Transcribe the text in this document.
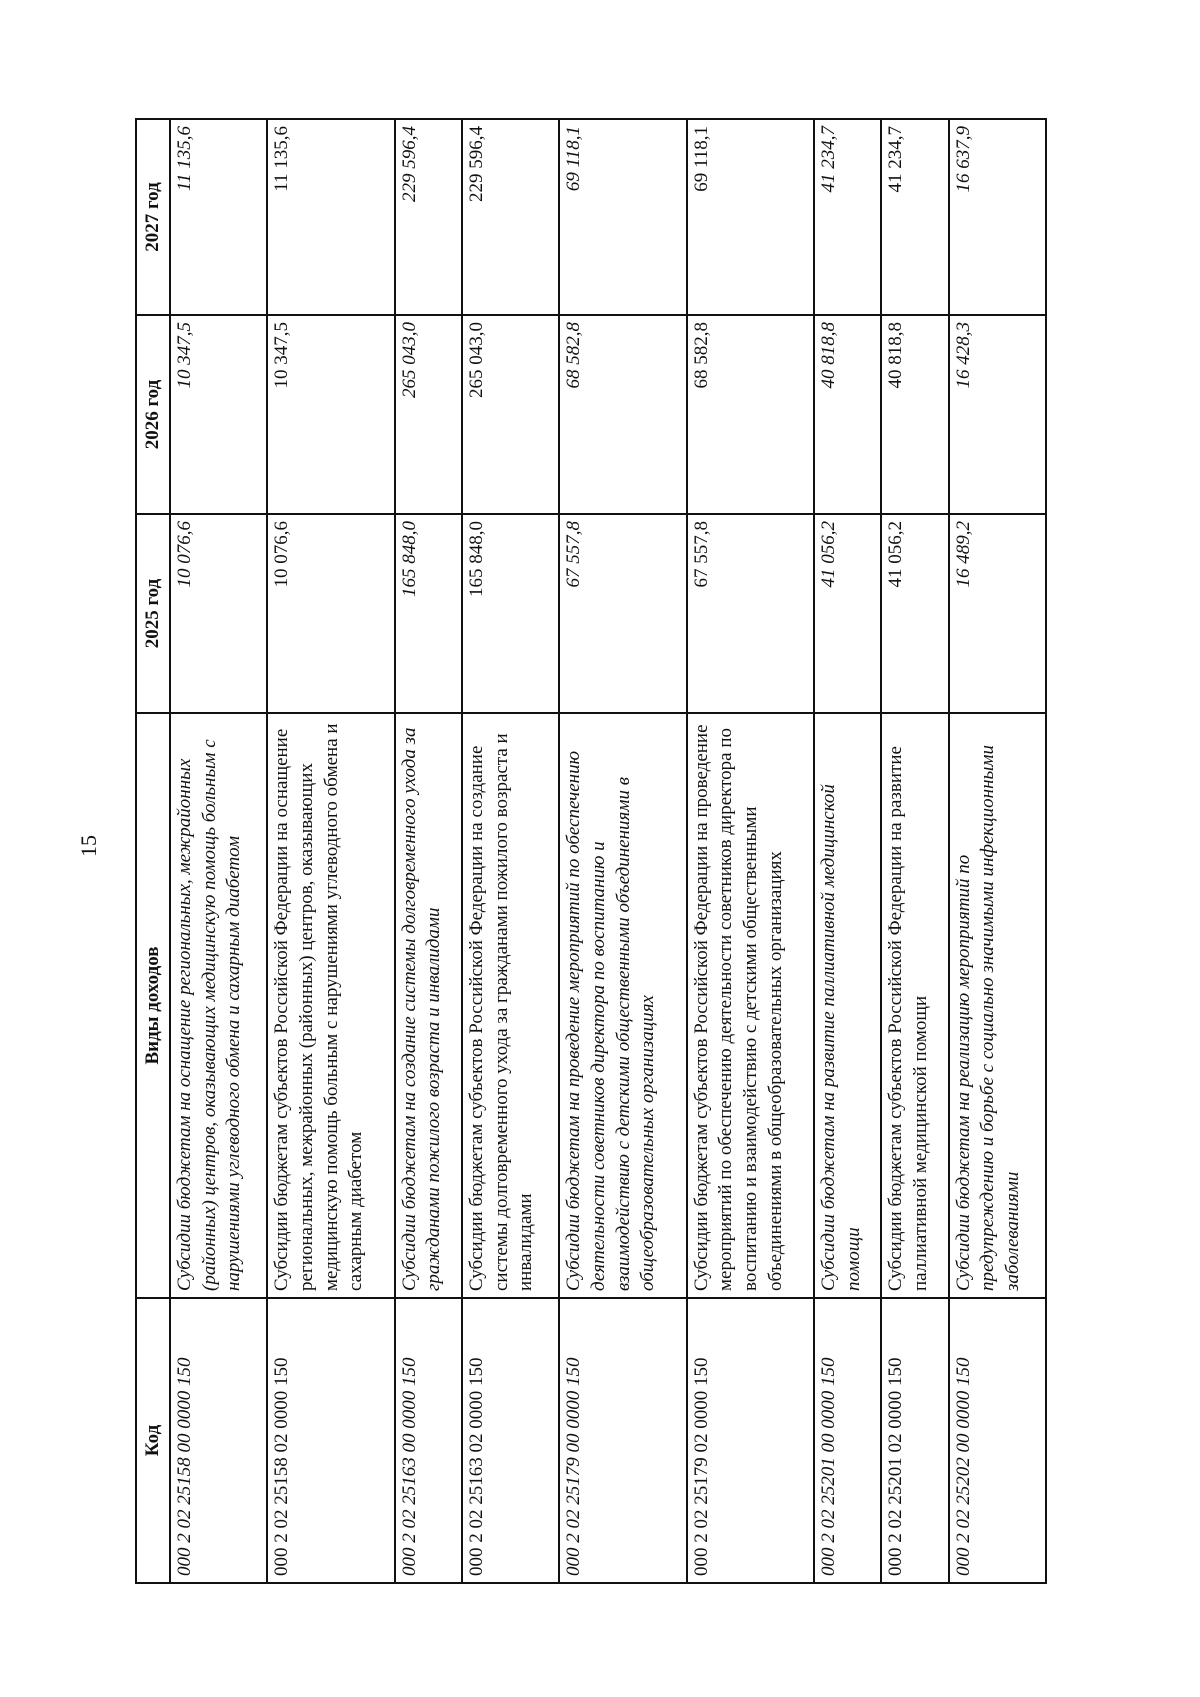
15
Код	Виды доходов	2025 год	2026 год	2027 год
000 2 02 25158 00 0000 150	Субсидии бюджетам на оснащение региональных, межрайонных (районных) центров, оказывающих медицинскую помощь больным с нарушениями углеводного обмена и сахарным диабетом	10 076,6	10 347,5	11 135,6
000 2 02 25158 02 0000 150	Субсидии бюджетам субъектов Российской Федерации на оснащение региональных, межрайонных (районных) центров, оказывающих медицинскую помощь больным с нарушениями углеводного обмена и сахарным диабетом	10 076,6	10 347,5	11 135,6
000 2 02 25163 00 0000 150	Субсидии бюджетам на создание системы долговременного ухода за гражданами пожилого возраста и инвалидами	165 848,0	265 043,0	229 596,4
000 2 02 25163 02 0000 150	Субсидии бюджетам субъектов Российской Федерации на создание системы долговременного ухода за гражданами пожилого возраста и инвалидами	165 848,0	265 043,0	229 596,4
000 2 02 25179 00 0000 150	Субсидии бюджетам на проведение мероприятий по обеспечению деятельности советников директора по воспитанию и взаимодействию с детскими общественными объединениями в общеобразовательных организациях	67 557,8	68 582,8	69 118,1
000 2 02 25179 02 0000 150	Субсидии бюджетам субъектов Российской Федерации на проведение мероприятий по обеспечению деятельности советников директора по воспитанию и взаимодействию с детскими общественными объединениями в общеобразовательных организациях	67 557,8	68 582,8	69 118,1
000 2 02 25201 00 0000 150	Субсидии бюджетам на развитие паллиативной медицинской помощи	41 056,2	40 818,8	41 234,7
000 2 02 25201 02 0000 150	Субсидии бюджетам субъектов Российской Федерации на развитие паллиативной медицинской помощи	41 056,2	40 818,8	41 234,7
000 2 02 25202 00 0000 150	Субсидии бюджетам на реализацию мероприятий по предупреждению и борьбе с социально значимыми инфекционными заболеваниями	16 489,2	16 428,3	16 637,9
